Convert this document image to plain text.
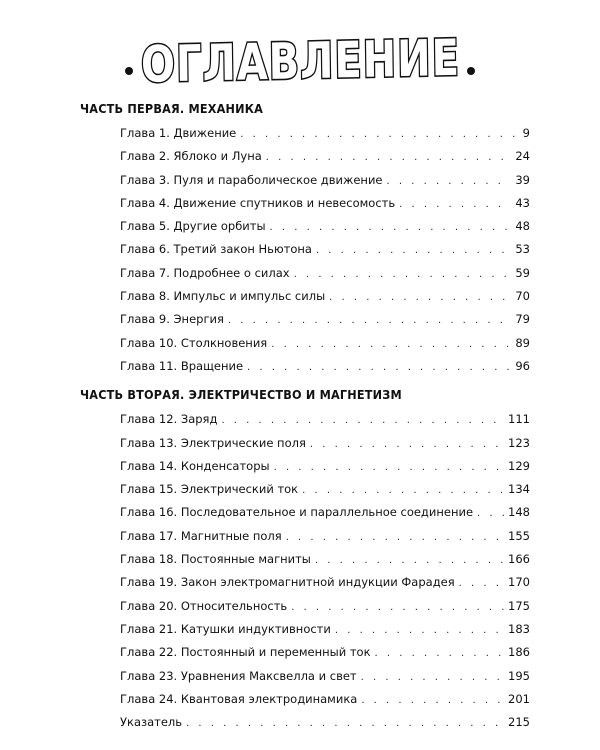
ОГЛАВЛЕНИЕ
ЧАСТЬ ПЕРВАЯ. МЕХАНИКА
Глава 1. Движение . . .	9
Глава 2. Яблоко и Луна . . .	24
Глава 3. Пуля и параболическое движение . . .	39
Глава 4. Движение спутников и невесомость . . .	43
Глава 5. Другие орбиты . . .	48
Глава 6. Третий закон Ньютона . . .	53
Глава 7. Подробнее о силах . . .	59
Глава 8. Импульс и импульс силы . . .	70
Глава 9. Энергия . . .	79
Глава 10. Столкновения . . .	89
Глава 11. Вращение . . .	96
ЧАСТЬ ВТОРАЯ. ЭЛЕКТРИЧЕСТВО И МАГНЕТИЗМ
Глава 12. Заряд . . .	111
Глава 13. Электрические поля . . .	123
Глава 14. Конденсаторы . . .	129
Глава 15. Электрический ток . . .	134
Глава 16. Последовательное и параллельное соединение . . .	148
Глава 17. Магнитные поля . . .	155
Глава 18. Постоянные магниты . . .	166
Глава 19. Закон электромагнитной индукции Фарадея . . .	170
Глава 20. Относительность . . .	175
Глава 21. Катушки индуктивности . . .	183
Глава 22. Постоянный и переменный ток . . .	186
Глава 23. Уравнения Максвелла и свет . . .	195
Глава 24. Квантовая электродинамика . . .	201
Указатель . . .	215
